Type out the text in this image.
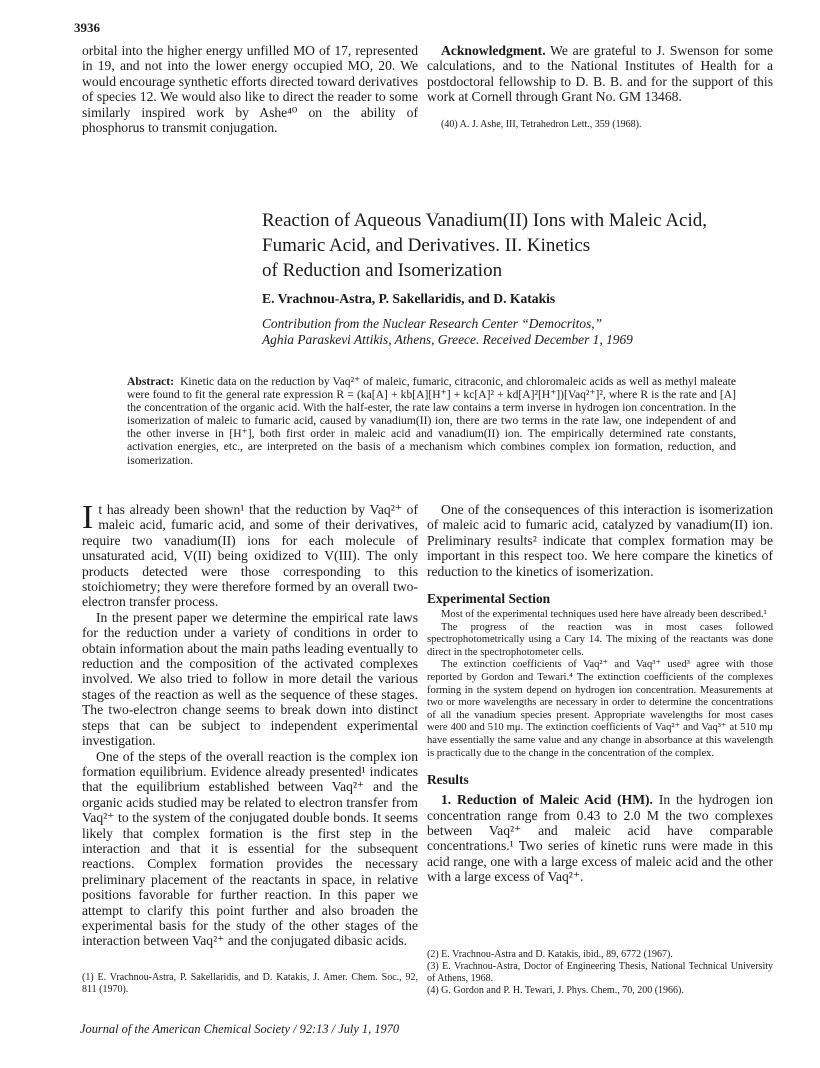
3936

orbital into the higher energy unfilled MO of 17, represented in 19, and not into the lower energy occupied MO, 20. We would encourage synthetic efforts directed toward derivatives of species 12. We would also like to direct the reader to some similarly inspired work by Ashe⁴⁰ on the ability of phosphorus to transmit conjugation.

Acknowledgment. We are grateful to J. Swenson for some calculations, and to the National Institutes of Health for a postdoctoral fellowship to D. B. B. and for the support of this work at Cornell through Grant No. GM 13468.

(40) A. J. Ashe, III, Tetrahedron Lett., 359 (1968).

Reaction of Aqueous Vanadium(II) Ions with Maleic Acid,
Fumaric Acid, and Derivatives. II. Kinetics
of Reduction and Isomerization
E. Vrachnou-Astra, P. Sakellaridis, and D. Katakis
Contribution from the Nuclear Research Center “Democritos,”
Aghia Paraskevi Attikis, Athens, Greece. Received December 1, 1969
Abstract: Kinetic data on the reduction by Vaq²⁺ of maleic, fumaric, citraconic, and chloromaleic acids as well as methyl maleate were found to fit the general rate expression R = (ka[A] + kb[A][H⁺] + kc[A]² + kd[A]²[H⁺])[Vaq²⁺]², where R is the rate and [A] the concentration of the organic acid. With the half-ester, the rate law contains a term inverse in hydrogen ion concentration. In the isomerization of maleic to fumaric acid, caused by vanadium(II) ion, there are two terms in the rate law, one independent of and the other inverse in [H⁺], both first order in maleic acid and vanadium(II) ion. The empirically determined rate constants, activation energies, etc., are interpreted on the basis of a mechanism which combines complex ion formation, reduction, and isomerization.

It has already been shown¹ that the reduction by Vaq²⁺ of maleic acid, fumaric acid, and some of their derivatives, require two vanadium(II) ions for each molecule of unsaturated acid, V(II) being oxidized to V(III). The only products detected were those corresponding to this stoichiometry; they were therefore formed by an overall two-electron transfer process.

In the present paper we determine the empirical rate laws for the reduction under a variety of conditions in order to obtain information about the main paths leading eventually to reduction and the composition of the activated complexes involved. We also tried to follow in more detail the various stages of the reaction as well as the sequence of these stages. The two-electron change seems to break down into distinct steps that can be subject to independent experimental investigation.

One of the steps of the overall reaction is the complex ion formation equilibrium. Evidence already presented¹ indicates that the equilibrium established between Vaq²⁺ and the organic acids studied may be related to electron transfer from Vaq²⁺ to the system of the conjugated double bonds. It seems likely that complex formation is the first step in the interaction and that it is essential for the subsequent reactions. Complex formation provides the necessary preliminary placement of the reactants in space, in relative positions favorable for further reaction. In this paper we attempt to clarify this point further and also broaden the experimental basis for the study of the other stages of the interaction between Vaq²⁺ and the conjugated dibasic acids.

(1) E. Vrachnou-Astra, P. Sakellaridis, and D. Katakis, J. Amer. Chem. Soc., 92, 811 (1970).

One of the consequences of this interaction is isomerization of maleic acid to fumaric acid, catalyzed by vanadium(II) ion. Preliminary results² indicate that complex formation may be important in this respect too. We here compare the kinetics of reduction to the kinetics of isomerization.

Experimental Section

Most of the experimental techniques used here have already been described.¹

The progress of the reaction was in most cases followed spectrophotometrically using a Cary 14. The mixing of the reactants was done direct in the spectrophotometer cells.

The extinction coefficients of Vaq²⁺ and Vaq³⁺ used³ agree with those reported by Gordon and Tewari.⁴ The extinction coefficients of the complexes forming in the system depend on hydrogen ion concentration. Measurements at two or more wavelengths are necessary in order to determine the concentrations of all the vanadium species present. Appropriate wavelengths for most cases were 400 and 510 mμ. The extinction coefficients of Vaq²⁺ and Vaq³⁺ at 510 mμ have essentially the same value and any change in absorbance at this wavelength is practically due to the change in the concentration of the complex.

Results

1. Reduction of Maleic Acid (HM). In the hydrogen ion concentration range from 0.43 to 2.0 M the two complexes between Vaq²⁺ and maleic acid have comparable concentrations.¹ Two series of kinetic runs were made in this acid range, one with a large excess of maleic acid and the other with a large excess of Vaq²⁺.

(2) E. Vrachnou-Astra and D. Katakis, ibid., 89, 6772 (1967).

(3) E. Vrachnou-Astra, Doctor of Engineering Thesis, National Technical University of Athens, 1968.

(4) G. Gordon and P. H. Tewari, J. Phys. Chem., 70, 200 (1966).

Journal of the American Chemical Society / 92:13 / July 1, 1970
